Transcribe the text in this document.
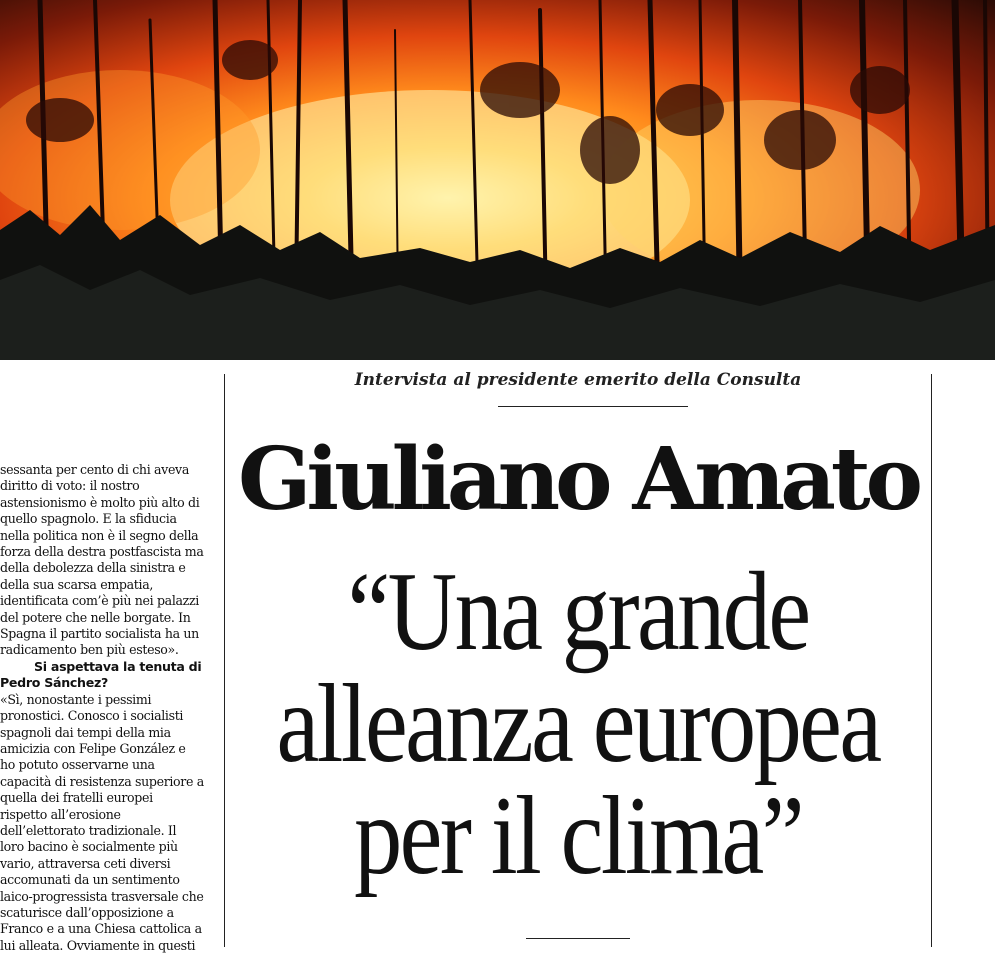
sessanta per cento di chi aveva
diritto di voto: il nostro
astensionismo è molto più alto di
quello spagnolo. E la sfiducia
nella politica non è il segno della
forza della destra postfascista ma
della debolezza della sinistra e
della sua scarsa empatia,
identificata com’è più nei palazzi
del potere che nelle borgate. In
Spagna il partito socialista ha un
radicamento ben più esteso».
Si aspettava la tenuta di
Pedro Sánchez?
«Sì, nonostante i pessimi
pronostici. Conosco i socialisti
spagnoli dai tempi della mia
amicizia con Felipe González e
ho potuto osservarne una
capacità di resistenza superiore a
quella dei fratelli europei
rispetto all’erosione
dell’elettorato tradizionale. Il
loro bacino è socialmente più
vario, attraversa ceti diversi
accomunati da un sentimento
laico-progressista trasversale che
scaturisce dall’opposizione a
Franco e a una Chiesa cattolica a
lui alleata. Ovviamente in questi
Intervista al presidente emerito della Consulta
Giuliano Amato
“Una grande
alleanza europea
per il clima”
